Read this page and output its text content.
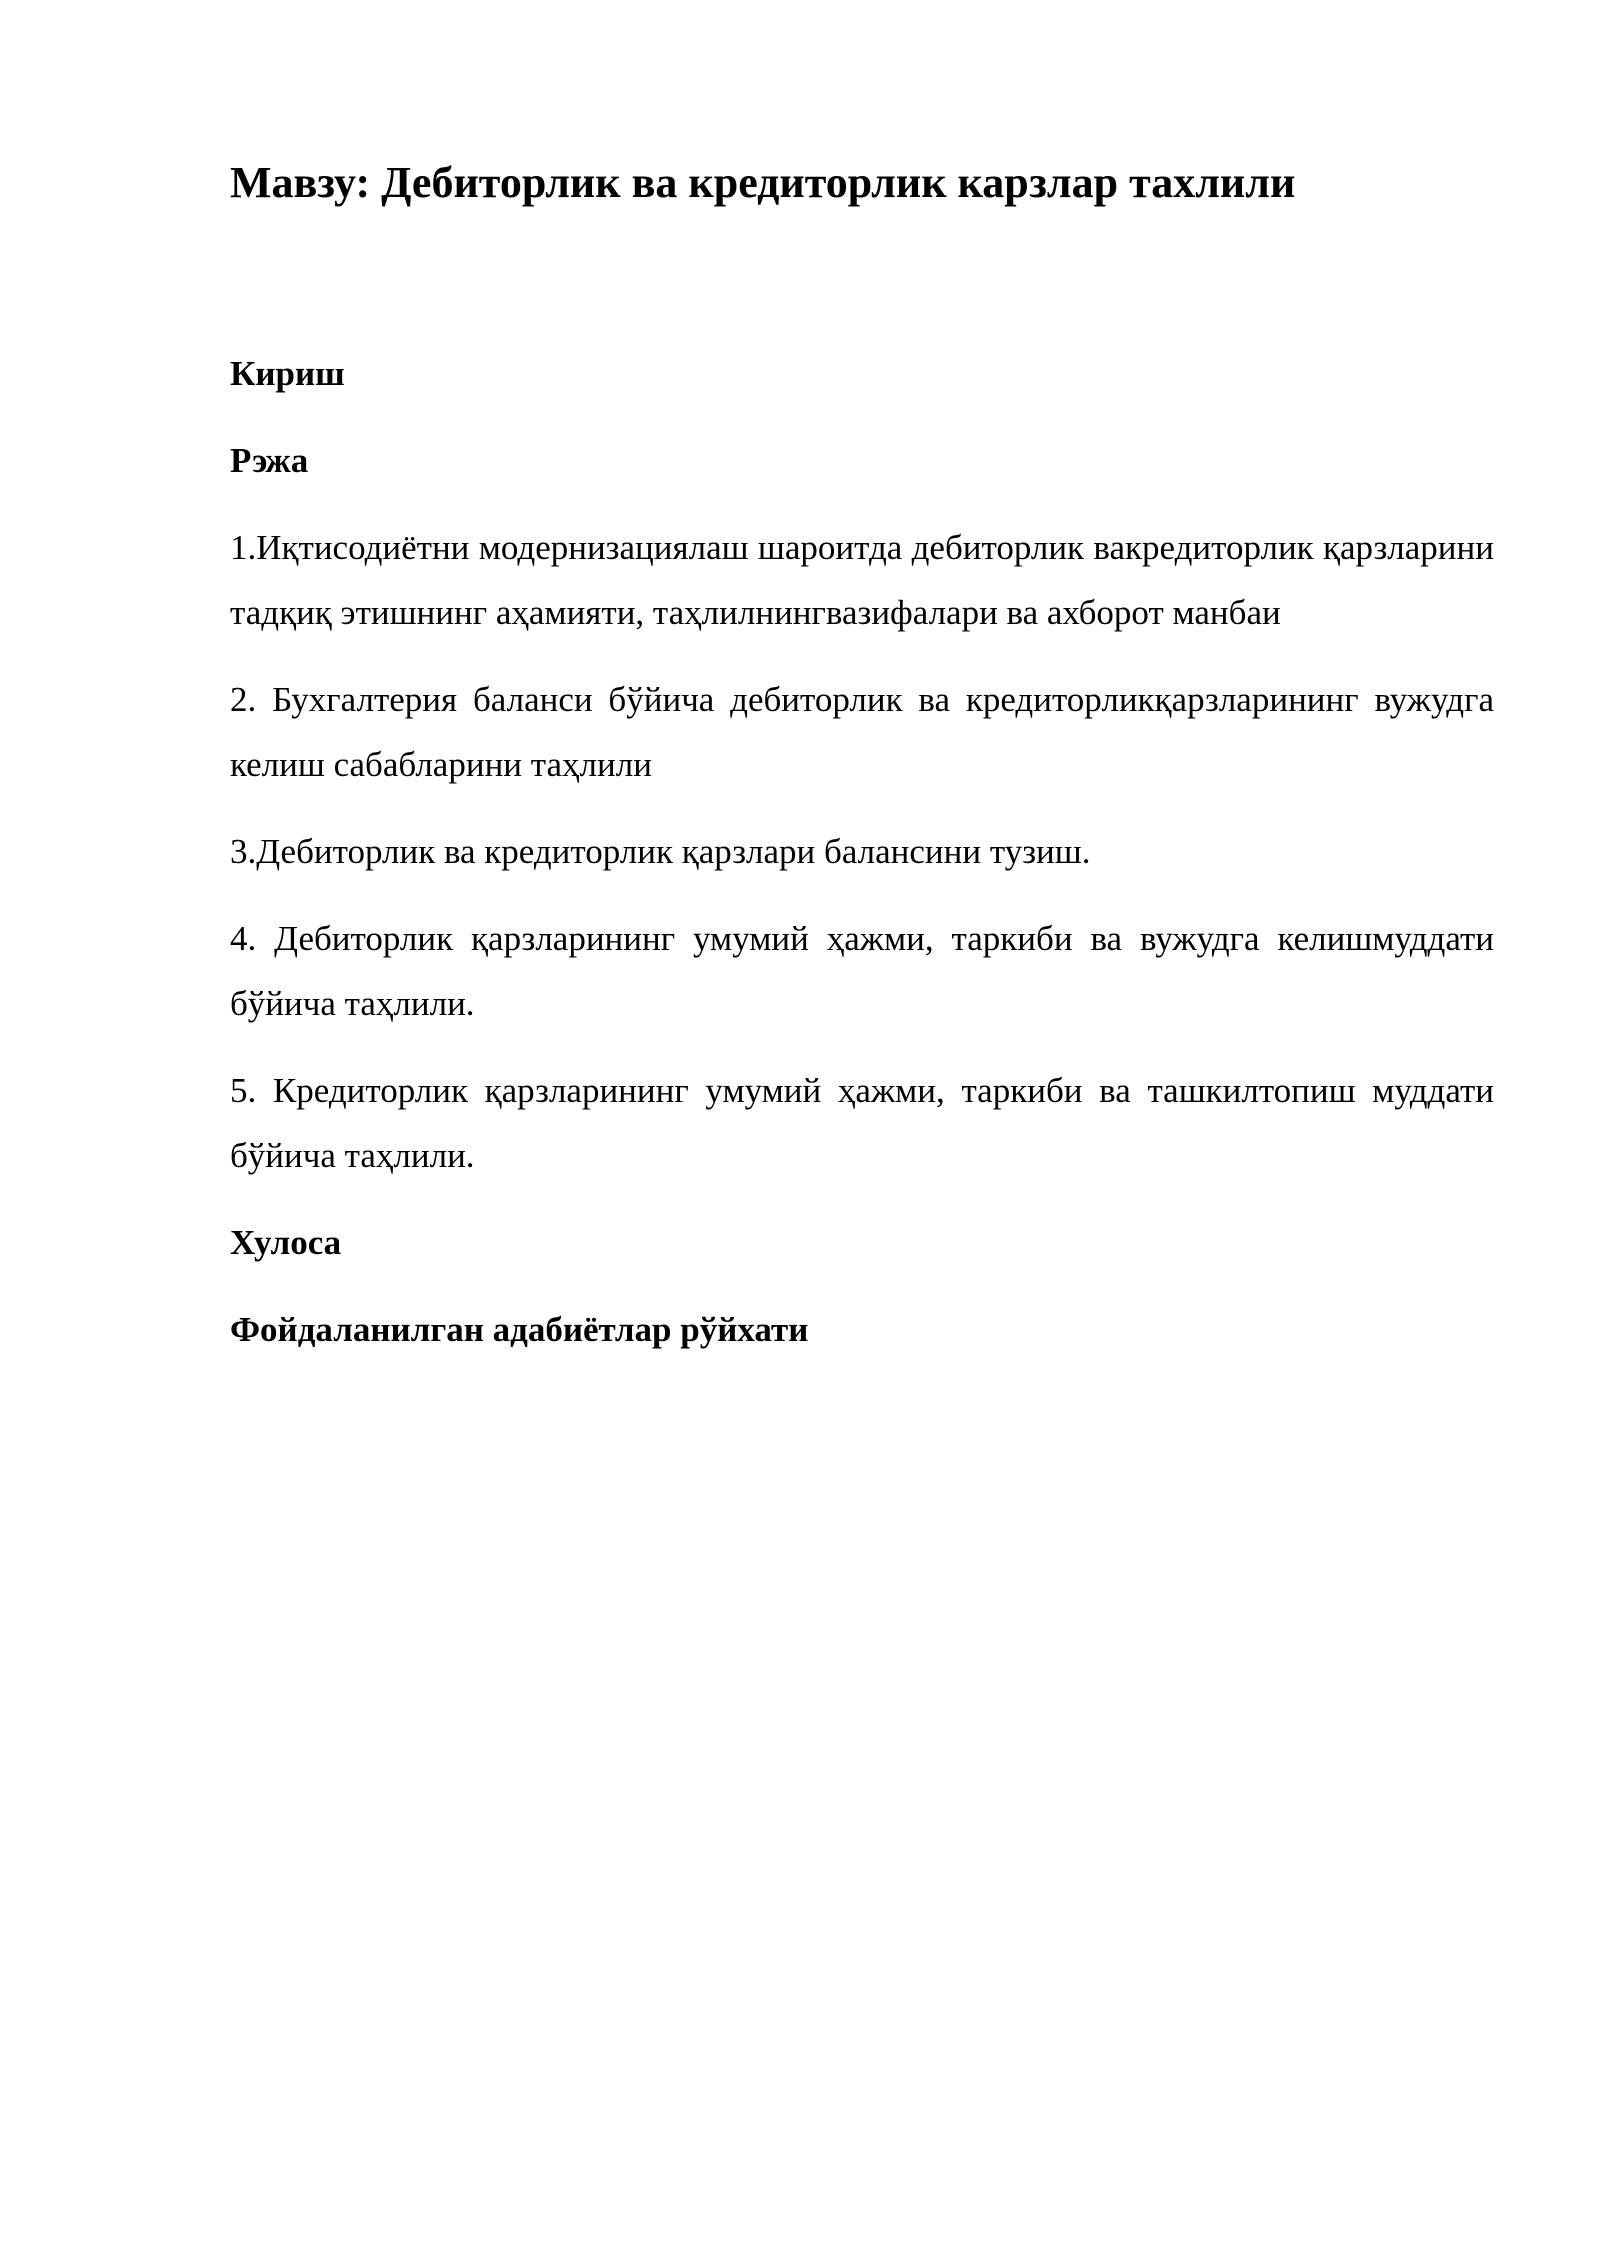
Мавзу: Дебиторлик ва кредиторлик карзлар тахлили
Кириш
Рэжа
1.Иқтисодиётни модернизациялаш шароитда дебиторлик вакредиторлик қарзларини тадқиқ этишнинг аҳамияти, таҳлилнингвазифалари ва ахборот манбаи
2. Бухгалтерия баланси бўйича дебиторлик ва кредиторликқарзларининг вужудга келиш сабабларини таҳлили
3.Дебиторлик ва кредиторлик қарзлари балансини тузиш.
4. Дебиторлик қарзларининг умумий ҳажми, таркиби ва вужудга келишмуддати бўйича таҳлили.
5. Кредиторлик қарзларининг умумий ҳажми, таркиби ва ташкилтопиш муддати бўйича таҳлили.
Хулоса
Фойдаланилган адабиётлар рўйхати
